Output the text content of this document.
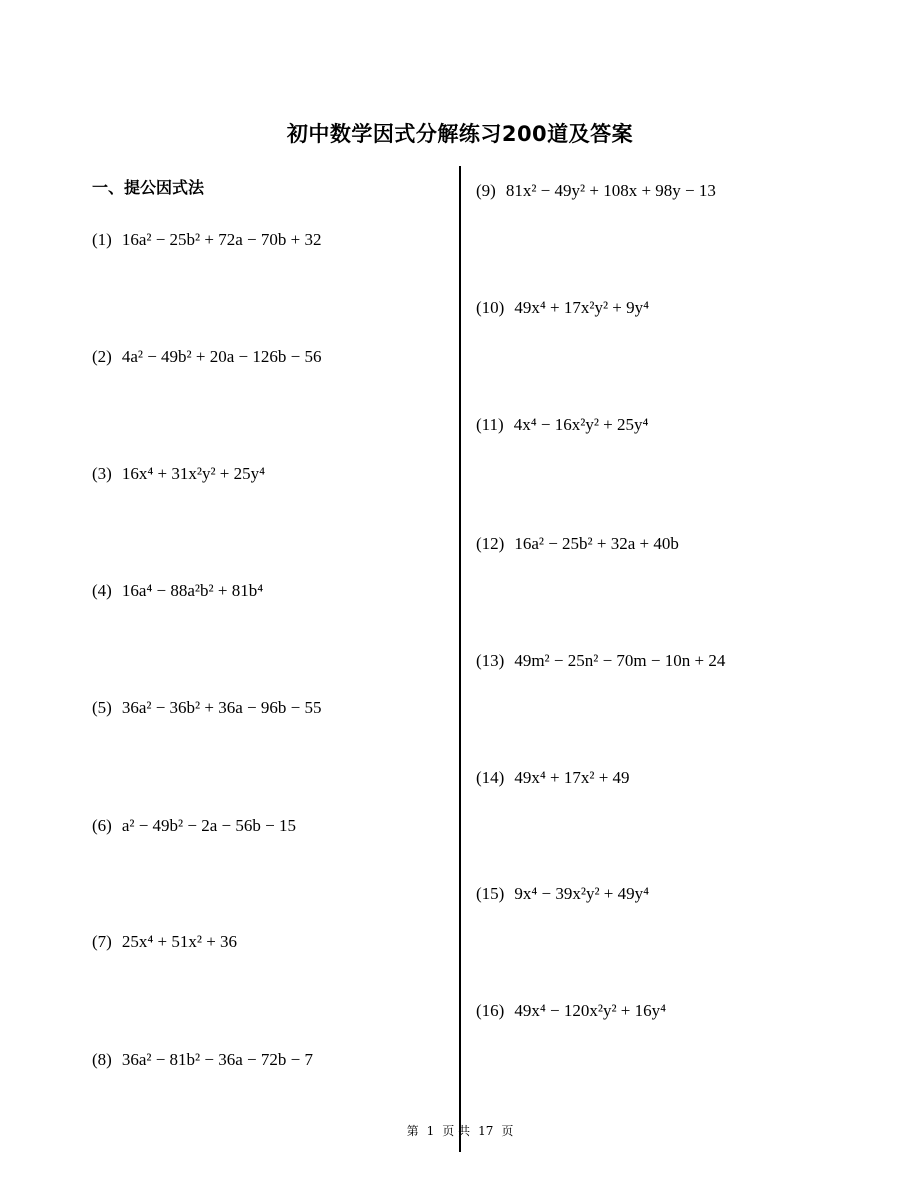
初中数学因式分解练习200道及答案
一、提公因式法
(1) 16a² − 25b² + 72a − 70b + 32
(2) 4a² − 49b² + 20a − 126b − 56
(3) 16x⁴ + 31x²y² + 25y⁴
(4) 16a⁴ − 88a²b² + 81b⁴
(5) 36a² − 36b² + 36a − 96b − 55
(6) a² − 49b² − 2a − 56b − 15
(7) 25x⁴ + 51x² + 36
(8) 36a² − 81b² − 36a − 72b − 7
(9) 81x² − 49y² + 108x + 98y − 13
(10) 49x⁴ + 17x²y² + 9y⁴
(11) 4x⁴ − 16x²y² + 25y⁴
(12) 16a² − 25b² + 32a + 40b
(13) 49m² − 25n² − 70m − 10n + 24
(14) 49x⁴ + 17x² + 49
(15) 9x⁴ − 39x²y² + 49y⁴
(16) 49x⁴ − 120x²y² + 16y⁴
第 1 页 共 17 页
